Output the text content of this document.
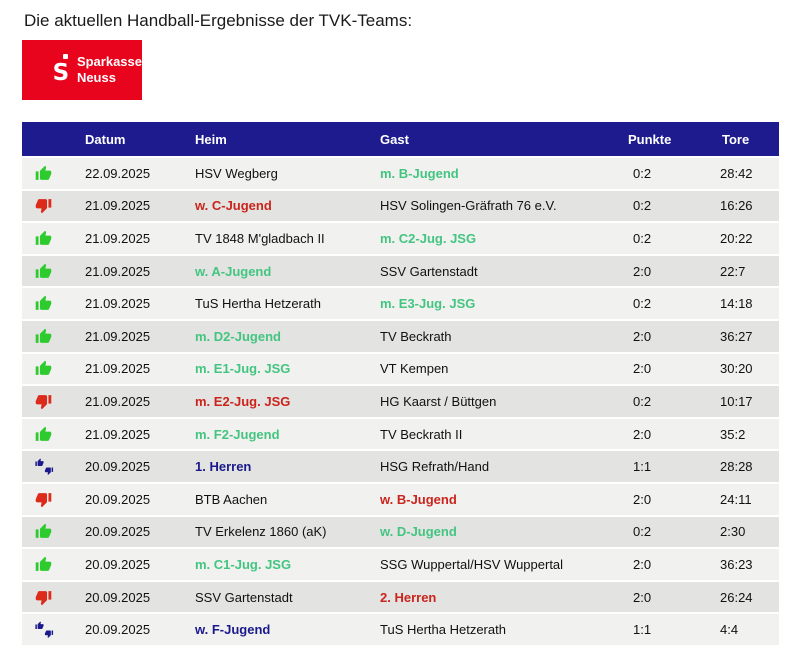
Die aktuellen Handball-Ergebnisse der TVK-Teams:
S Sparkasse
Neuss
Datum	Heim	Gast	Punkte	Tore
22.09.2025	HSV Wegberg	m. B-Jugend	0:2	28:42
21.09.2025	w. C-Jugend	HSV Solingen-Gräfrath 76 e.V.	0:2	16:26
21.09.2025	TV 1848 M'gladbach II	m. C2-Jug. JSG	0:2	20:22
21.09.2025	w. A-Jugend	SSV Gartenstadt	2:0	22:7
21.09.2025	TuS Hertha Hetzerath	m. E3-Jug. JSG	0:2	14:18
21.09.2025	m. D2-Jugend	TV Beckrath	2:0	36:27
21.09.2025	m. E1-Jug. JSG	VT Kempen	2:0	30:20
21.09.2025	m. E2-Jug. JSG	HG Kaarst / Büttgen	0:2	10:17
21.09.2025	m. F2-Jugend	TV Beckrath II	2:0	35:2
20.09.2025	1. Herren	HSG Refrath/Hand	1:1	28:28
20.09.2025	BTB Aachen	w. B-Jugend	2:0	24:11
20.09.2025	TV Erkelenz 1860 (aK)	w. D-Jugend	0:2	2:30
20.09.2025	m. C1-Jug. JSG	SSG Wuppertal/HSV Wuppertal	2:0	36:23
20.09.2025	SSV Gartenstadt	2. Herren	2:0	26:24
20.09.2025	w. F-Jugend	TuS Hertha Hetzerath	1:1	4:4
